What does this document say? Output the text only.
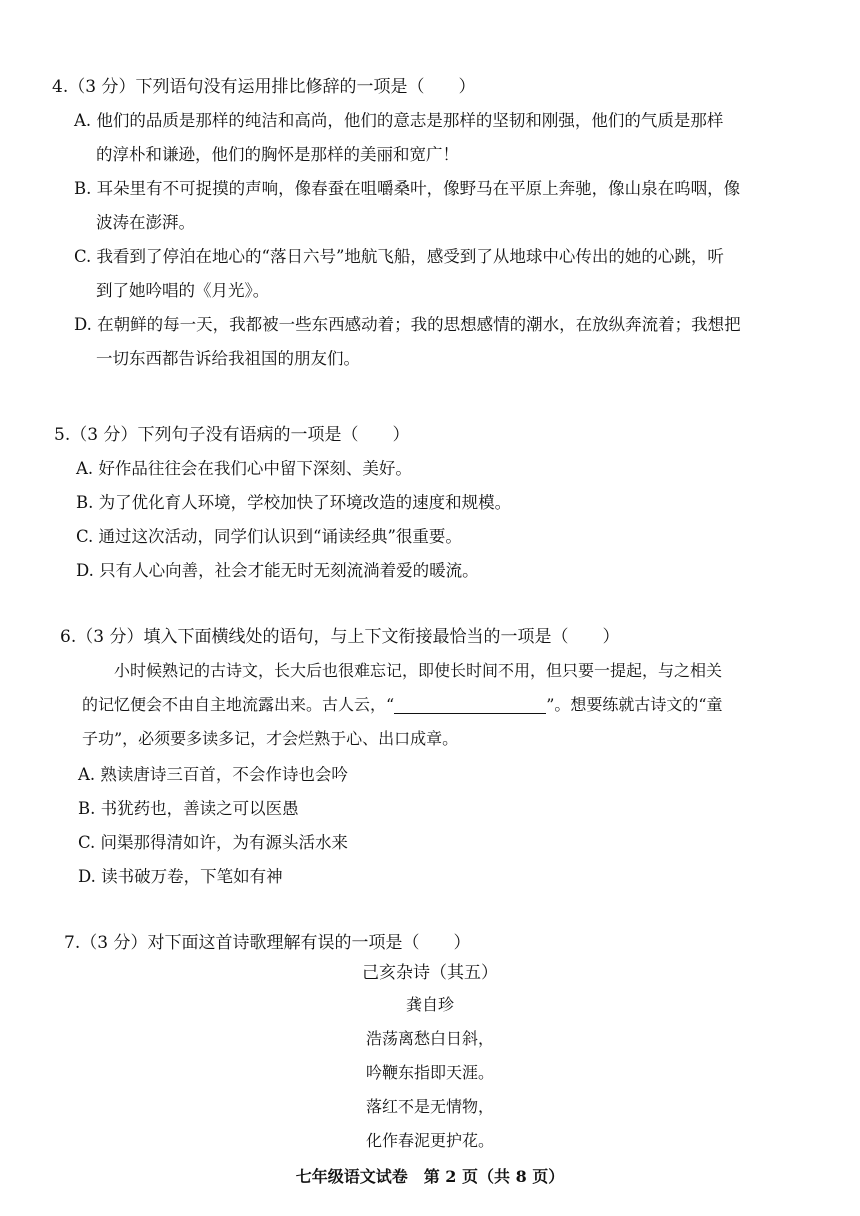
4.（3 分）下列语句没有运用排比修辞的一项是（　　）
A. 他们的品质是那样的纯洁和高尚，他们的意志是那样的坚韧和刚强，他们的气质是那样
的淳朴和谦逊，他们的胸怀是那样的美丽和宽广！
B. 耳朵里有不可捉摸的声响，像春蚕在咀嚼桑叶，像野马在平原上奔驰，像山泉在呜咽，像
波涛在澎湃。
C. 我看到了停泊在地心的“落日六号”地航飞船，感受到了从地球中心传出的她的心跳，听
到了她吟唱的《月光》。
D. 在朝鲜的每一天，我都被一些东西感动着；我的思想感情的潮水，在放纵奔流着；我想把
一切东西都告诉给我祖国的朋友们。
5.（3 分）下列句子没有语病的一项是（　　）
A. 好作品往往会在我们心中留下深刻、美好。
B. 为了优化育人环境，学校加快了环境改造的速度和规模。
C. 通过这次活动，同学们认识到“诵读经典”很重要。
D. 只有人心向善，社会才能无时无刻流淌着爱的暖流。
6.（3 分）填入下面横线处的语句，与上下文衔接最恰当的一项是（　　）
小时候熟记的古诗文，长大后也很难忘记，即使长时间不用，但只要一提起，与之相关
的记忆便会不由自主地流露出来。古人云，“	”。想要练就古诗文的“童
子功”，必须要多读多记，才会烂熟于心、出口成章。
A. 熟读唐诗三百首，不会作诗也会吟
B. 书犹药也，善读之可以医愚
C. 问渠那得清如许，为有源头活水来
D. 读书破万卷，下笔如有神
7.（3 分）对下面这首诗歌理解有误的一项是（　　）
己亥杂诗（其五）
龚自珍
浩荡离愁白日斜，
吟鞭东指即天涯。
落红不是无情物，
化作春泥更护花。
七年级语文试卷　第 2 页（共 8 页）
